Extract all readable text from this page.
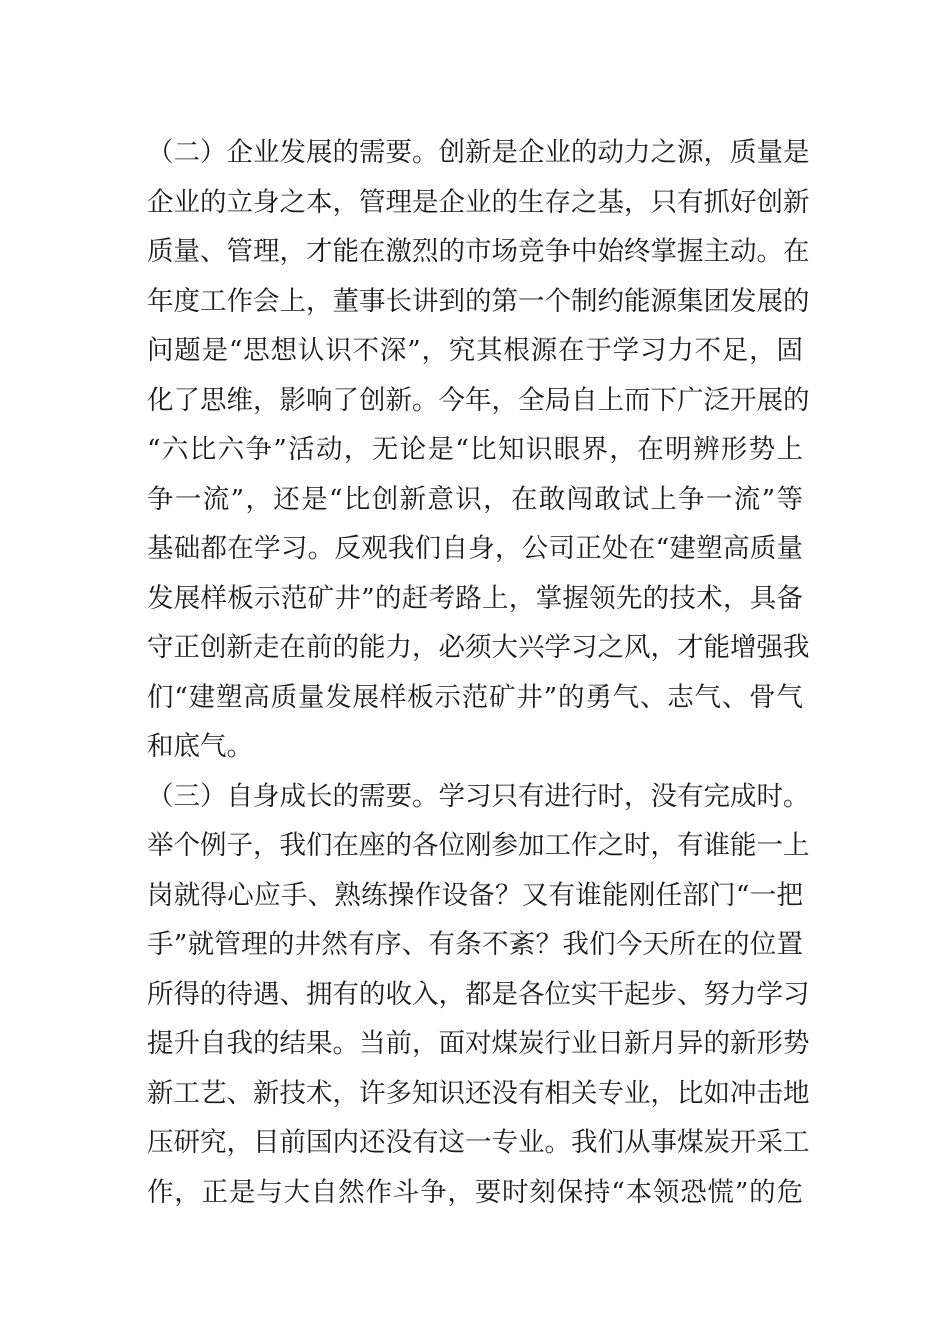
（二）企业发展的需要。创新是企业的动力之源，质量是
企业的立身之本，管理是企业的生存之基，只有抓好创新
质量、管理，才能在激烈的市场竞争中始终掌握主动。在
年度工作会上，董事长讲到的第一个制约能源集团发展的
问题是“思想认识不深”，究其根源在于学习力不足，固
化了思维，影响了创新。今年，全局自上而下广泛开展的
“六比六争”活动，无论是“比知识眼界，在明辨形势上
争一流”，还是“比创新意识，在敢闯敢试上争一流”等
基础都在学习。反观我们自身，公司正处在“建塑高质量
发展样板示范矿井”的赶考路上，掌握领先的技术，具备
守正创新走在前的能力，必须大兴学习之风，才能增强我
们“建塑高质量发展样板示范矿井”的勇气、志气、骨气
和底气。
（三）自身成长的需要。学习只有进行时，没有完成时。
举个例子，我们在座的各位刚参加工作之时，有谁能一上
岗就得心应手、熟练操作设备？又有谁能刚任部门“一把
手”就管理的井然有序、有条不紊？我们今天所在的位置
所得的待遇、拥有的收入，都是各位实干起步、努力学习
提升自我的结果。当前，面对煤炭行业日新月异的新形势
新工艺、新技术，许多知识还没有相关专业，比如冲击地
压研究，目前国内还没有这一专业。我们从事煤炭开采工
作，正是与大自然作斗争，要时刻保持“本领恐慌”的危
